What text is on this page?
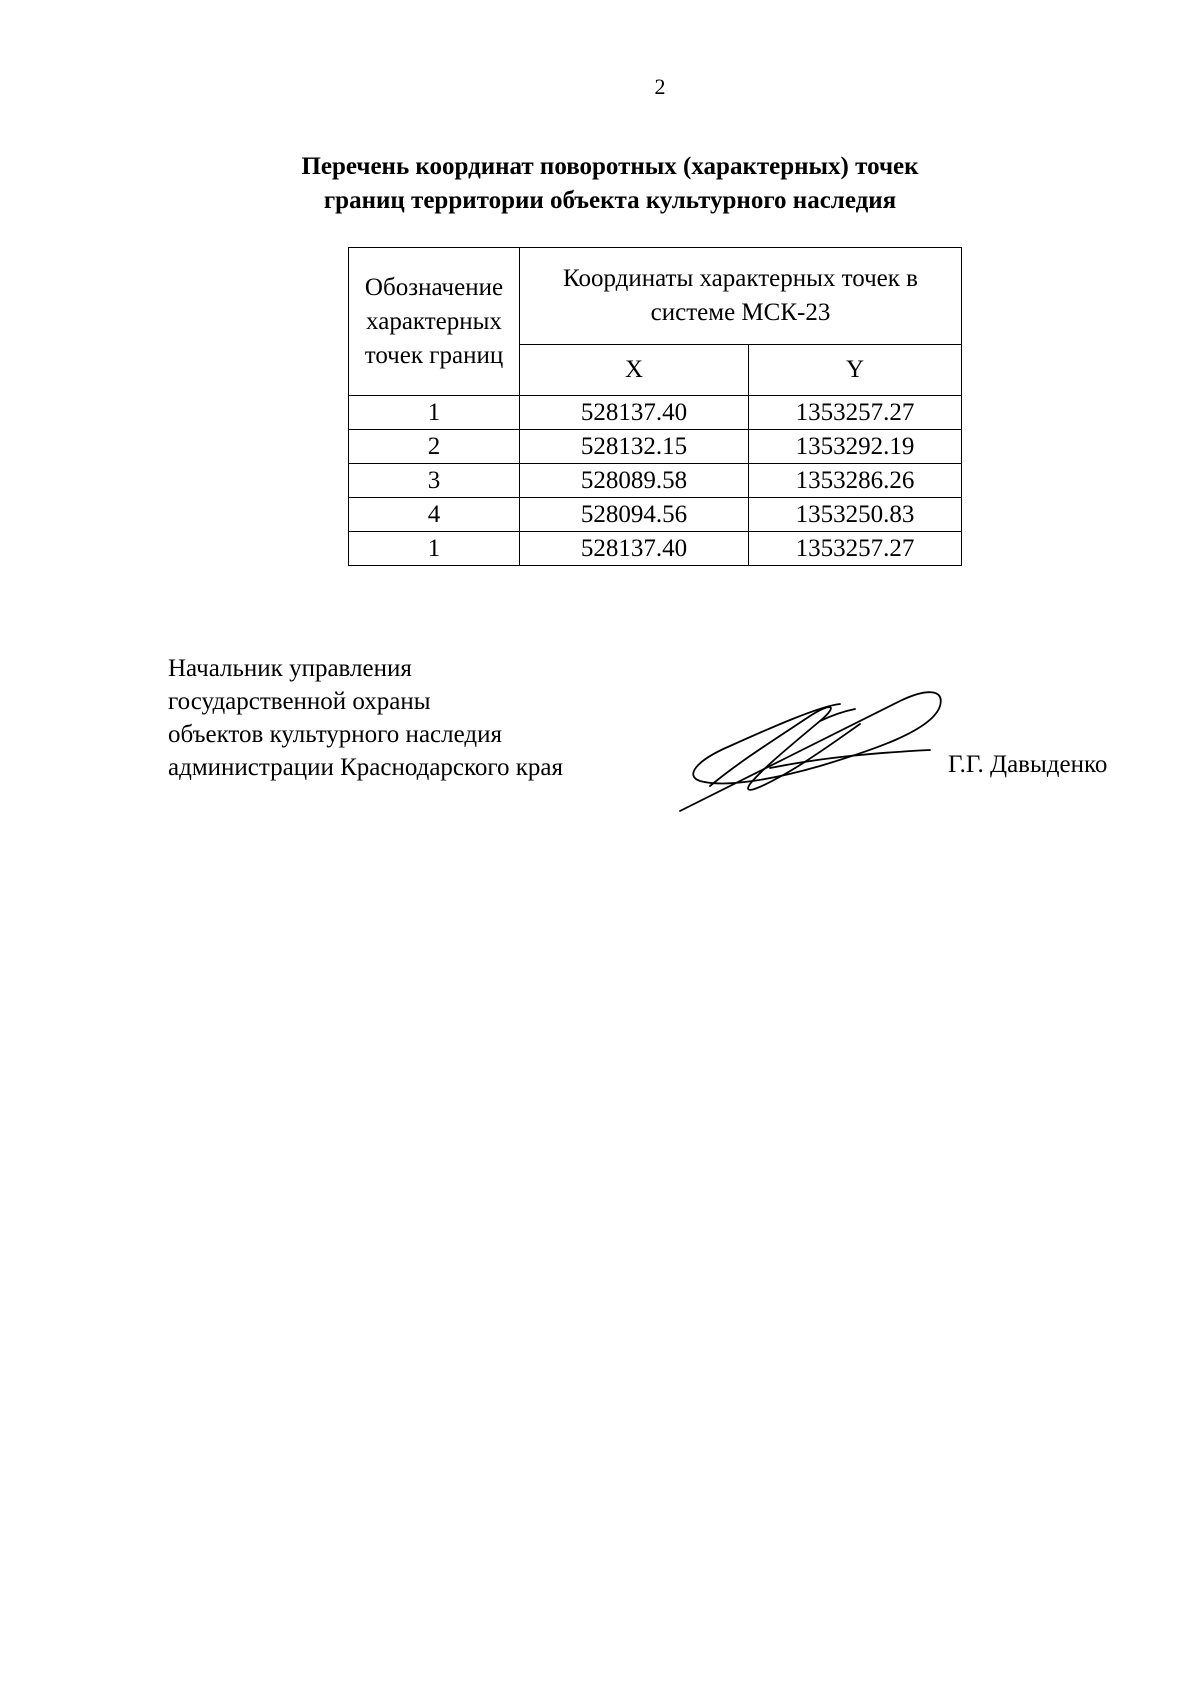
2
Перечень координат поворотных (характерных) точек
границ территории объекта культурного наследия
Обозначение характерных точек границ	Координаты характерных точек в системе МСК-23	
	X	Y
1	528137.40	1353257.27
2	528132.15	1353292.19
3	528089.58	1353286.26
4	528094.56	1353250.83
1	528137.40	1353257.27
Начальник управления
государственной охраны
объектов культурного наследия
администрации Краснодарского края	Г.Г. Давыденко
